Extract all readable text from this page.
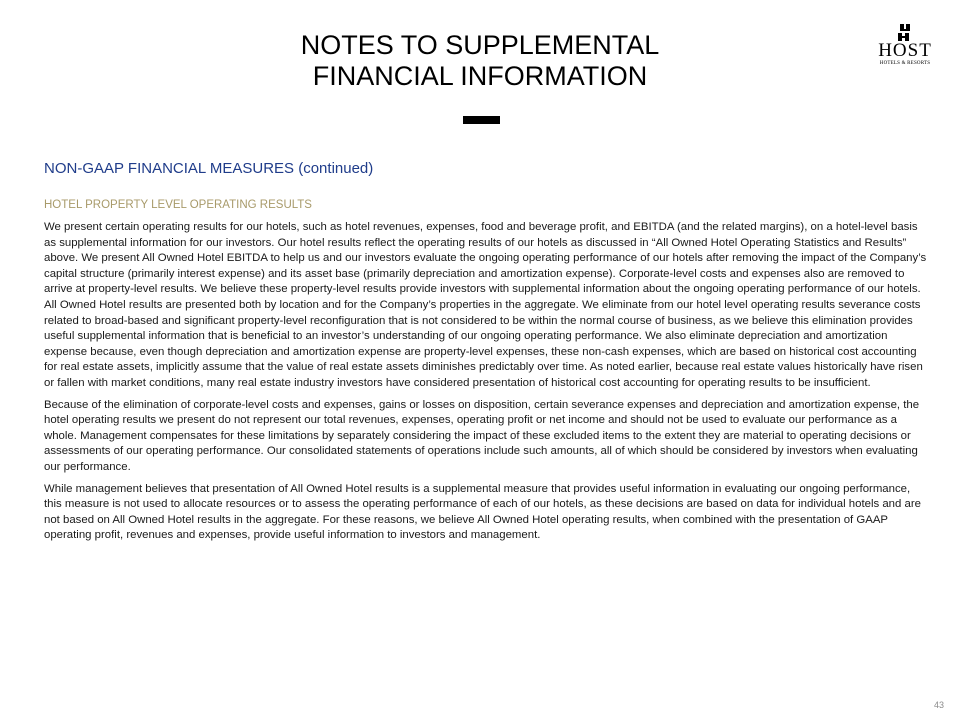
NOTES TO SUPPLEMENTAL
FINANCIAL INFORMATION
HOST
HOTELS & RESORTS
NON-GAAP FINANCIAL MEASURES (continued)
HOTEL PROPERTY LEVEL OPERATING RESULTS

We present certain operating results for our hotels, such as hotel revenues, expenses, food and beverage profit, and EBITDA (and the related margins), on a hotel-level basis as supplemental information for our investors. Our hotel results reflect the operating results of our hotels as discussed in “All Owned Hotel Operating Statistics and Results” above. We present All Owned Hotel EBITDA to help us and our investors evaluate the ongoing operating performance of our hotels after removing the impact of the Company’s capital structure (primarily interest expense) and its asset base (primarily depreciation and amortization expense). Corporate-level costs and expenses also are removed to arrive at property-level results. We believe these property-level results provide investors with supplemental information about the ongoing operating performance of our hotels. All Owned Hotel results are presented both by location and for the Company’s properties in the aggregate. We eliminate from our hotel level operating results severance costs related to broad-based and significant property-level reconfiguration that is not considered to be within the normal course of business, as we believe this elimination provides useful supplemental information that is beneficial to an investor’s understanding of our ongoing operating performance. We also eliminate depreciation and amortization expense because, even though depreciation and amortization expense are property-level expenses, these non-cash expenses, which are based on historical cost accounting for real estate assets, implicitly assume that the value of real estate assets diminishes predictably over time. As noted earlier, because real estate values historically have risen or fallen with market conditions, many real estate industry investors have considered presentation of historical cost accounting for operating results to be insufficient.

Because of the elimination of corporate-level costs and expenses, gains or losses on disposition, certain severance expenses and depreciation and amortization expense, the hotel operating results we present do not represent our total revenues, expenses, operating profit or net income and should not be used to evaluate our performance as a whole. Management compensates for these limitations by separately considering the impact of these excluded items to the extent they are material to operating decisions or assessments of our operating performance. Our consolidated statements of operations include such amounts, all of which should be considered by investors when evaluating our performance.

While management believes that presentation of All Owned Hotel results is a supplemental measure that provides useful information in evaluating our ongoing performance, this measure is not used to allocate resources or to assess the operating performance of each of our hotels, as these decisions are based on data for individual hotels and are not based on All Owned Hotel results in the aggregate. For these reasons, we believe All Owned Hotel operating results, when combined with the presentation of GAAP operating profit, revenues and expenses, provide useful information to investors and management.

43
